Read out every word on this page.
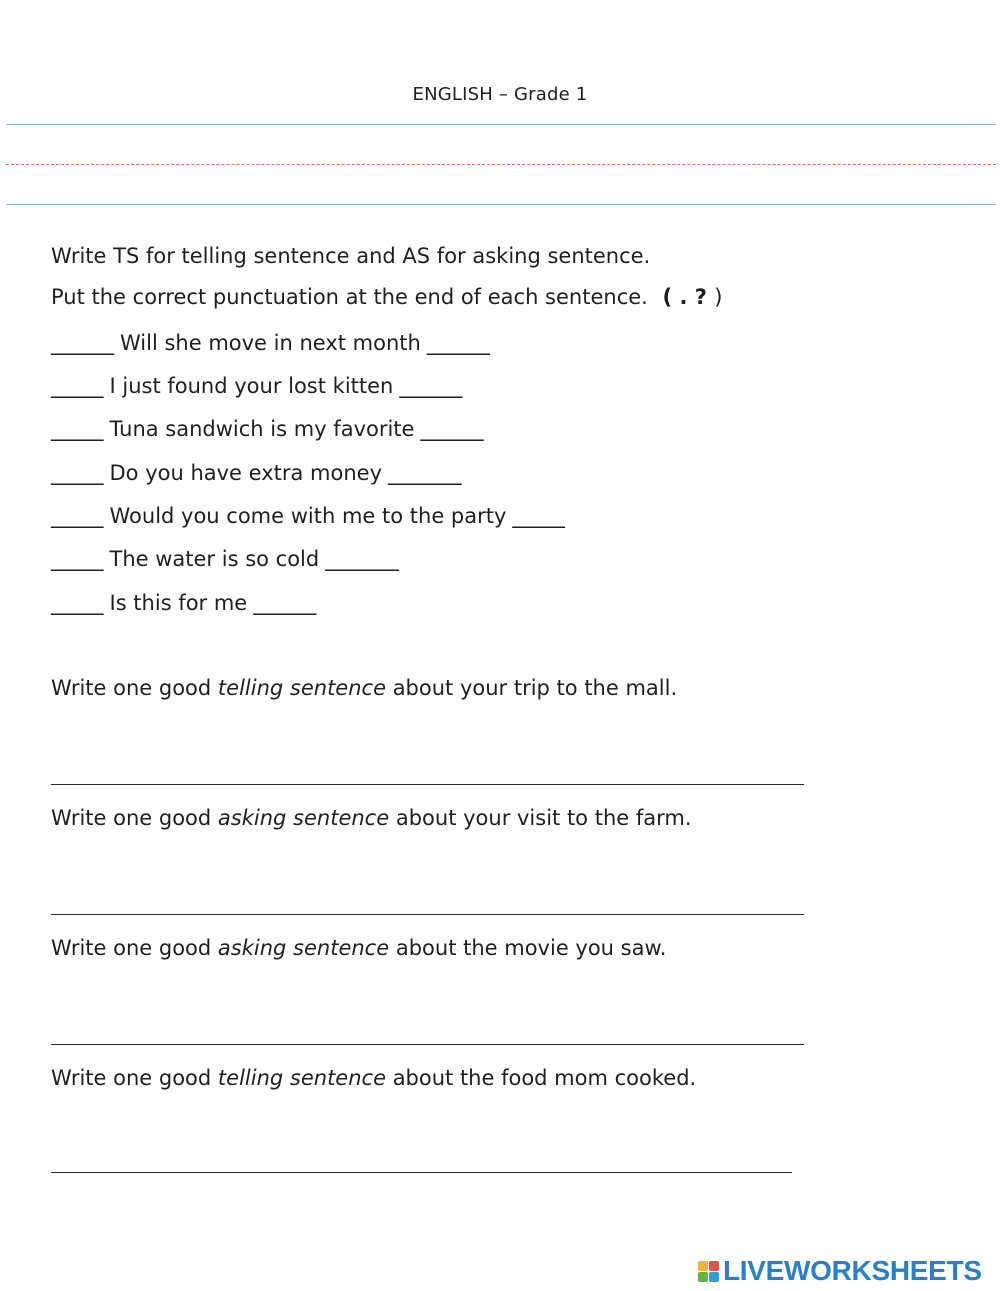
ENGLISH – Grade 1
Write TS for telling sentence and AS for asking sentence.
Put the correct punctuation at the end of each sentence. ( . ? )
______ Will she move in next month ______
_____ I just found your lost kitten ______
_____ Tuna sandwich is my favorite ______
_____ Do you have extra money _______
_____ Would you come with me to the party _____
_____ The water is so cold _______
_____ Is this for me ______
Write one good telling sentence about your trip to the mall.
Write one good asking sentence about your visit to the farm.
Write one good asking sentence about the movie you saw.
Write one good telling sentence about the food mom cooked.
LIVEWORKSHEETS
